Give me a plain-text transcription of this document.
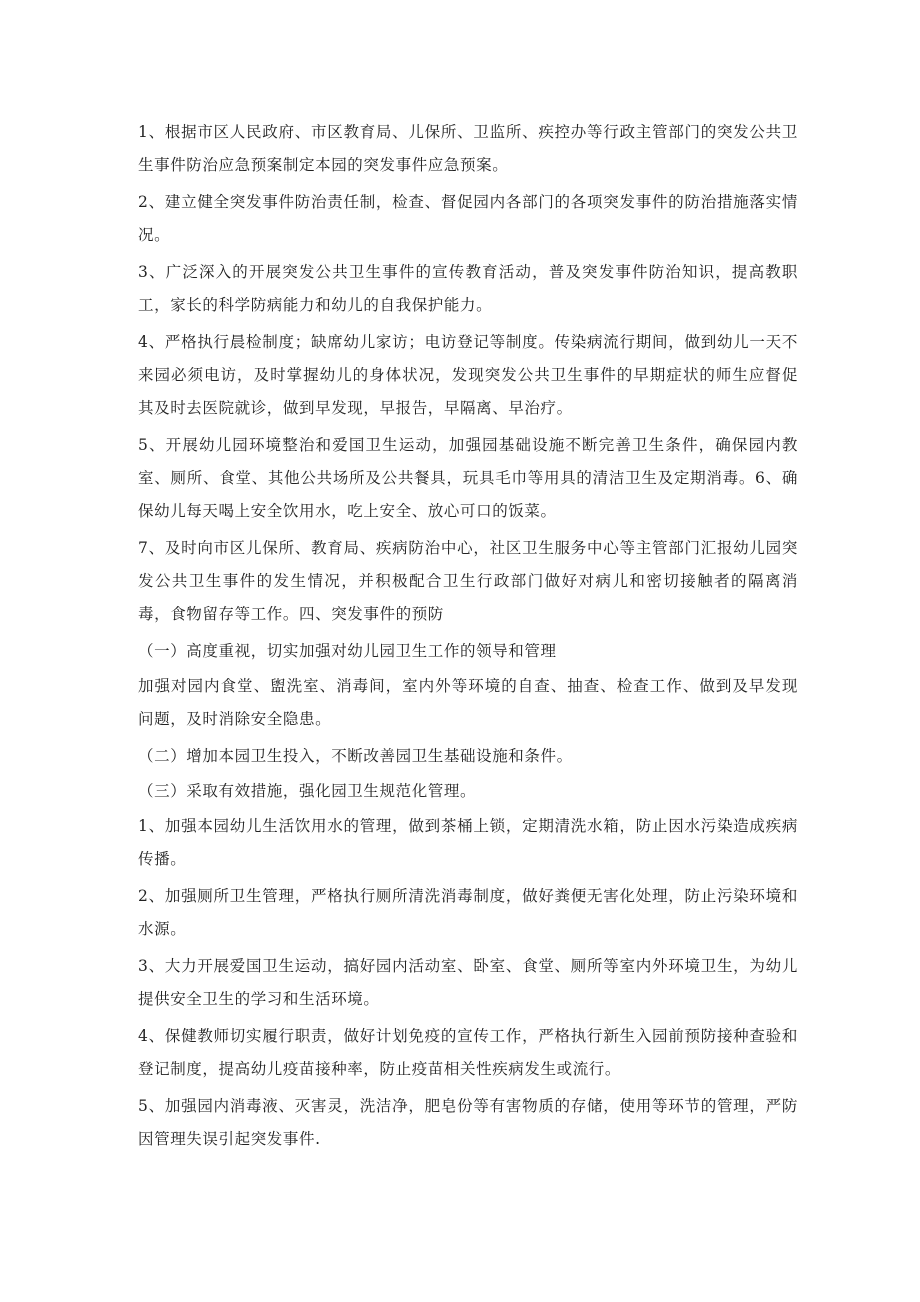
1、根据市区人民政府、市区教育局、儿保所、卫监所、疾控办等行政主管部门的突发公共卫生事件防治应急预案制定本园的突发事件应急预案。

2、建立健全突发事件防治责任制，检查、督促园内各部门的各项突发事件的防治措施落实情况。

3、广泛深入的开展突发公共卫生事件的宣传教育活动，普及突发事件防治知识，提高教职工，家长的科学防病能力和幼儿的自我保护能力。

4、严格执行晨检制度；缺席幼儿家访；电访登记等制度。传染病流行期间，做到幼儿一天不来园必须电访，及时掌握幼儿的身体状况，发现突发公共卫生事件的早期症状的师生应督促其及时去医院就诊，做到早发现，早报告，早隔离、早治疗。

5、开展幼儿园环境整治和爱国卫生运动，加强园基础设施不断完善卫生条件，确保园内教室、厕所、食堂、其他公共场所及公共餐具，玩具毛巾等用具的清洁卫生及定期消毒。6、确保幼儿每天喝上安全饮用水，吃上安全、放心可口的饭菜。

7、及时向市区儿保所、教育局、疾病防治中心，社区卫生服务中心等主管部门汇报幼儿园突发公共卫生事件的发生情况，并积极配合卫生行政部门做好对病儿和密切接触者的隔离消毒，食物留存等工作。四、突发事件的预防

（一）高度重视，切实加强对幼儿园卫生工作的领导和管理

加强对园内食堂、盥洗室、消毒间，室内外等环境的自查、抽查、检查工作、做到及早发现问题，及时消除安全隐患。

（二）增加本园卫生投入，不断改善园卫生基础设施和条件。

（三）采取有效措施，强化园卫生规范化管理。

1、加强本园幼儿生活饮用水的管理，做到茶桶上锁，定期清洗水箱，防止因水污染造成疾病传播。

2、加强厕所卫生管理，严格执行厕所清洗消毒制度，做好粪便无害化处理，防止污染环境和水源。

3、大力开展爱国卫生运动，搞好园内活动室、卧室、食堂、厕所等室内外环境卫生，为幼儿提供安全卫生的学习和生活环境。

4、保健教师切实履行职责，做好计划免疫的宣传工作，严格执行新生入园前预防接种查验和登记制度，提高幼儿疫苗接种率，防止疫苗相关性疾病发生或流行。

5、加强园内消毒液、灭害灵，洗洁净，肥皂份等有害物质的存储，使用等环节的管理，严防因管理失误引起突发事件.
